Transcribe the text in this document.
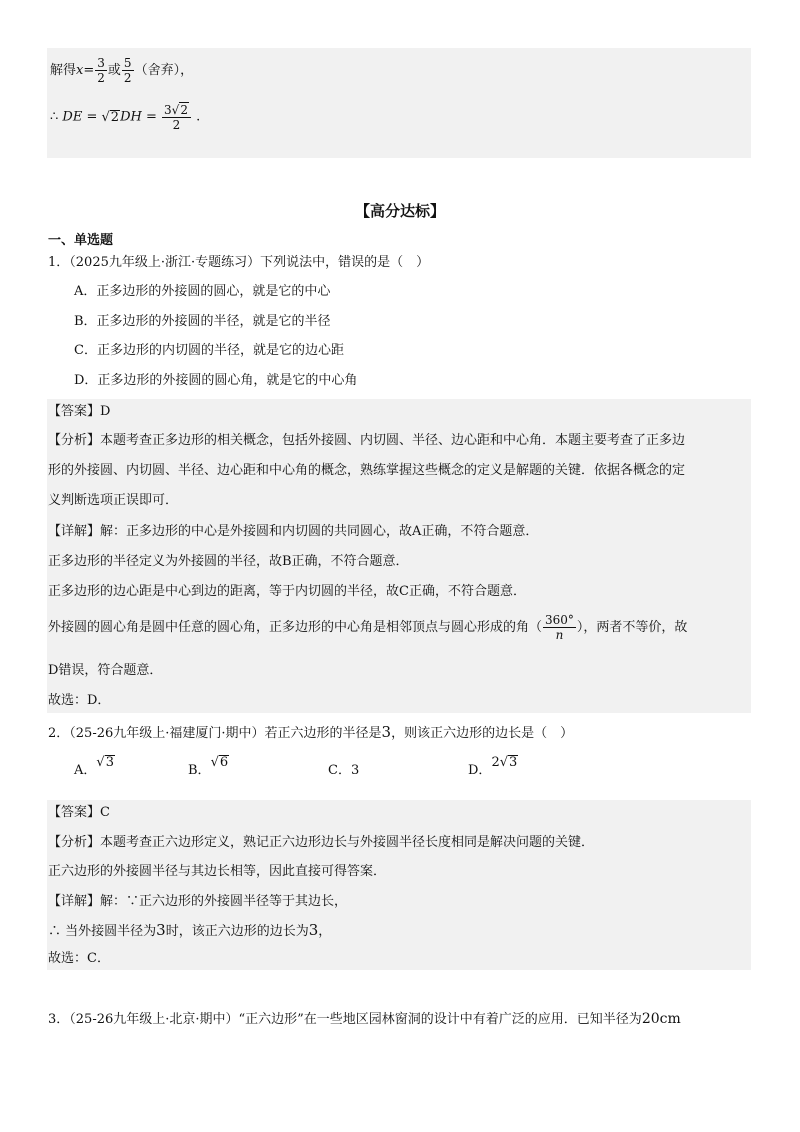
解得$x= \frac{3}{2}$ 或 $\frac{5}{2}$ （舍弃），
∴ DE = $√2DH = \frac{3√2}{2}$ .
【高分达标】
一、单选题
1．（2025九年级上·浙江·专题练习）下列说法中，错误的是（　）
A．正多边形的外接圆的圆心，就是它的中心
B．正多边形的外接圆的半径，就是它的半径
C．正多边形的内切圆的半径，就是它的边心距
D．正多边形的外接圆的圆心角，就是它的中心角
【答案】D
【分析】本题考查正多边形的相关概念，包括外接圆、内切圆、半径、边心距和中心角．本题主要考查了正多边
形的外接圆、内切圆、半径、边心距和中心角的概念，熟练掌握这些概念的定义是解题的关键．依据各概念的定
义判断选项正误即可．
【详解】解：正多边形的中心是外接圆和内切圆的共同圆心，故A正确，不符合题意．
正多边形的半径定义为外接圆的半径，故B正确，不符合题意．
正多边形的边心距是中心到边的距离，等于内切圆的半径，故C正确，不符合题意．
外接圆的圆心角是圆中任意的圆心角，正多边形的中心角是相邻顶点与圆心形成的角（ $\frac{360^\circ}{n}$ ），两者不等价，故
D错误，符合题意．
故选：D．
2．（25-26九年级上·福建厦门·期中）若正六边形的半径是3，则该正六边形的边长是（　）
A．√3
B．√6
C．3	D．2√3
【答案】C
【分析】本题考查正六边形定义，熟记正六边形边长与外接圆半径长度相同是解决问题的关键．
正六边形的外接圆半径与其边长相等，因此直接可得答案．
【详解】解：∵正六边形的外接圆半径等于其边长，
∴ 当外接圆半径为3时，该正六边形的边长为3，
故选：C．
3．（25-26九年级上·北京·期中）“正六边形”在一些地区园林窗洞的设计中有着广泛的应用．已知半径为20cm
